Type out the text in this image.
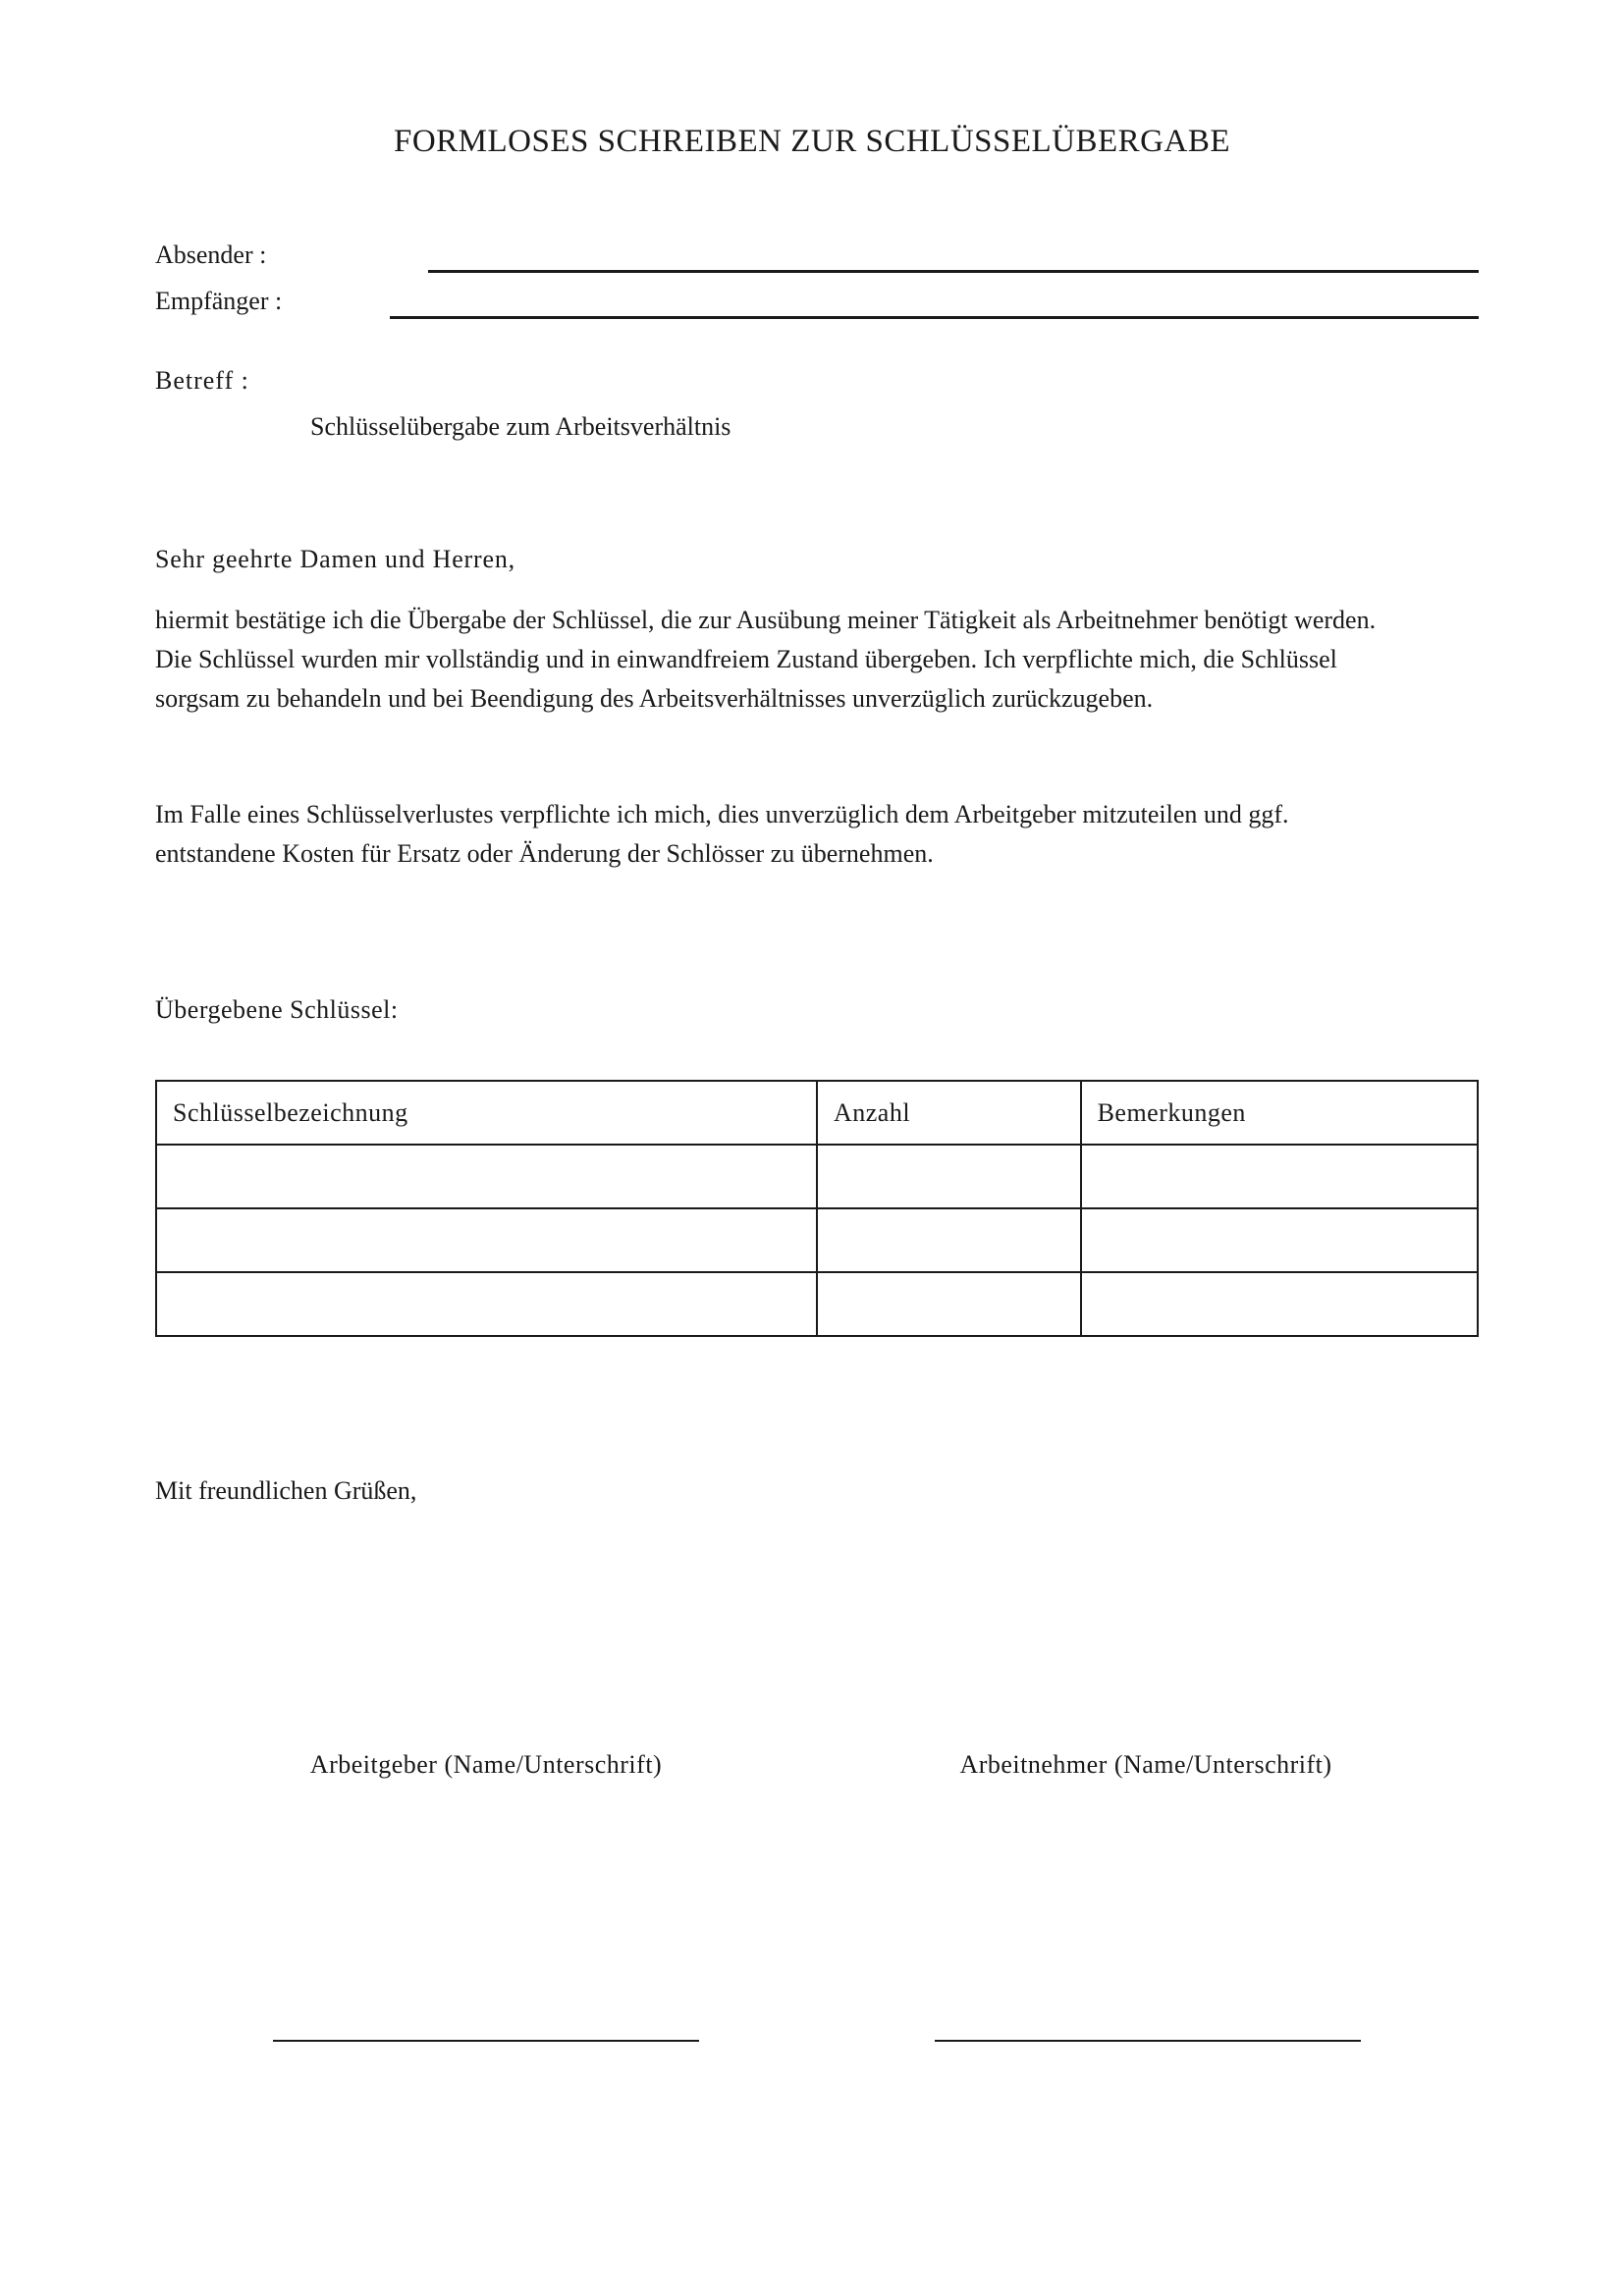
FORMLOSES SCHREIBEN ZUR SCHLÜSSELÜBERGABE
Absender :
Empfänger :
Betreff :
Schlüsselübergabe zum Arbeitsverhältnis
Sehr geehrte Damen und Herren,
hiermit bestätige ich die Übergabe der Schlüssel, die zur Ausübung meiner Tätigkeit als Arbeitnehmer benötigt werden.
Die Schlüssel wurden mir vollständig und in einwandfreiem Zustand übergeben. Ich verpflichte mich, die Schlüssel
sorgsam zu behandeln und bei Beendigung des Arbeitsverhältnisses unverzüglich zurückzugeben.
Im Falle eines Schlüsselverlustes verpflichte ich mich, dies unverzüglich dem Arbeitgeber mitzuteilen und ggf.
entstandene Kosten für Ersatz oder Änderung der Schlösser zu übernehmen.
Übergebene Schlüssel:
Schlüsselbezeichnung	Anzahl	Bemerkungen

Mit freundlichen Grüßen,
Arbeitgeber (Name/Unterschrift)	Arbeitnehmer (Name/Unterschrift)
